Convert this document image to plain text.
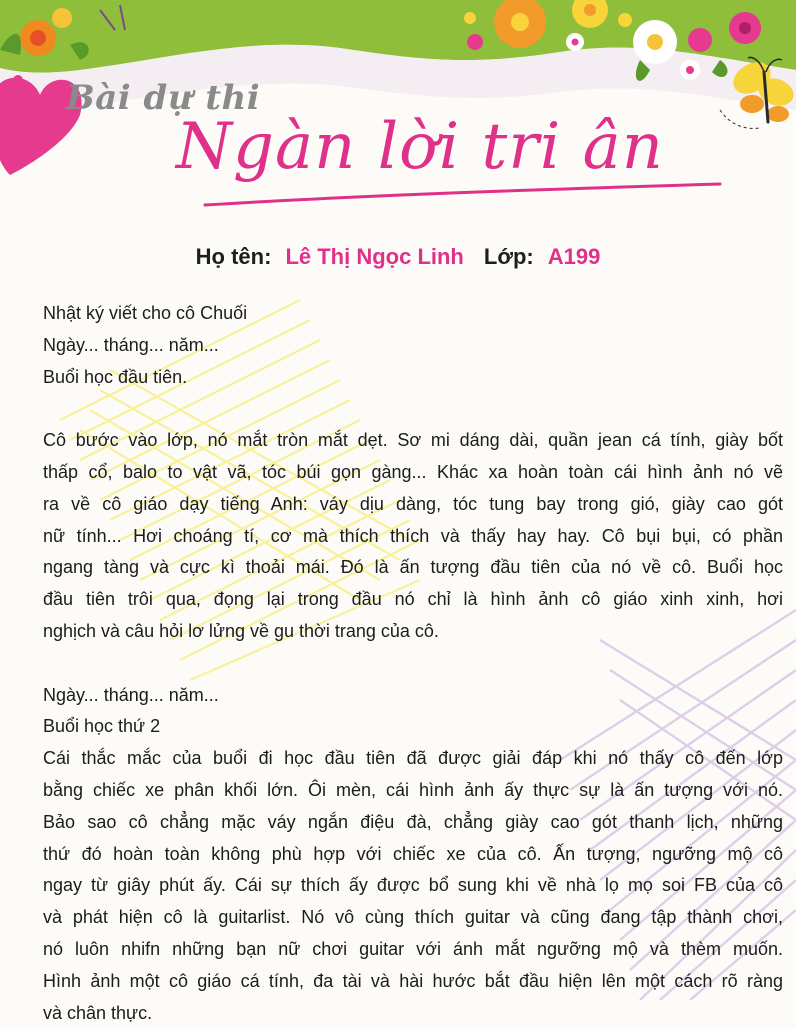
Bài dự thi
Ngàn lời tri ân
Họ tên: Lê Thị Ngọc Linh Lớp: A199
Nhật ký viết cho cô Chuối
Ngày... tháng... năm...
Buổi học đầu tiên.
Cô bước vào lớp, nó mắt tròn mắt dẹt. Sơ mi dáng dài, quần jean cá tính, giày bốt
thấp cổ, balo to vật vã, tóc búi gọn gàng... Khác xa hoàn toàn cái hình ảnh nó vẽ
ra về cô giáo dạy tiếng Anh: váy dịu dàng, tóc tung bay trong gió, giày cao gót
nữ tính... Hơi choáng tí, cơ mà thích thích và thấy hay hay. Cô bụi bụi, có phần
ngang tàng và cực kì thoải mái. Đó là ấn tượng đầu tiên của nó về cô. Buổi học
đầu tiên trôi qua, đọng lại trong đầu nó chỉ là hình ảnh cô giáo xinh xinh, hơi
nghịch và câu hỏi lơ lửng về gu thời trang của cô.
Ngày... tháng... năm...
Buổi học thứ 2
Cái thắc mắc của buổi đi học đầu tiên đã được giải đáp khi nó thấy cô đến lớp
bằng chiếc xe phân khối lớn. Ôi mèn, cái hình ảnh ấy thực sự là ấn tượng với nó.
Bảo sao cô chẳng mặc váy ngắn điệu đà, chẳng giày cao gót thanh lịch, những
thứ đó hoàn toàn không phù hợp với chiếc xe của cô. Ấn tượng, ngưỡng mộ cô
ngay từ giây phút ấy. Cái sự thích ấy được bổ sung khi về nhà lọ mọ soi FB của cô
và phát hiện cô là guitarlist. Nó vô cùng thích guitar và cũng đang tập thành chơi,
nó luôn nhifn những bạn nữ chơi guitar với ánh mắt ngưỡng mộ và thèm muốn.
Hình ảnh một cô giáo cá tính, đa tài và hài hước bắt đầu hiện lên một cách rõ ràng
và chân thực.
